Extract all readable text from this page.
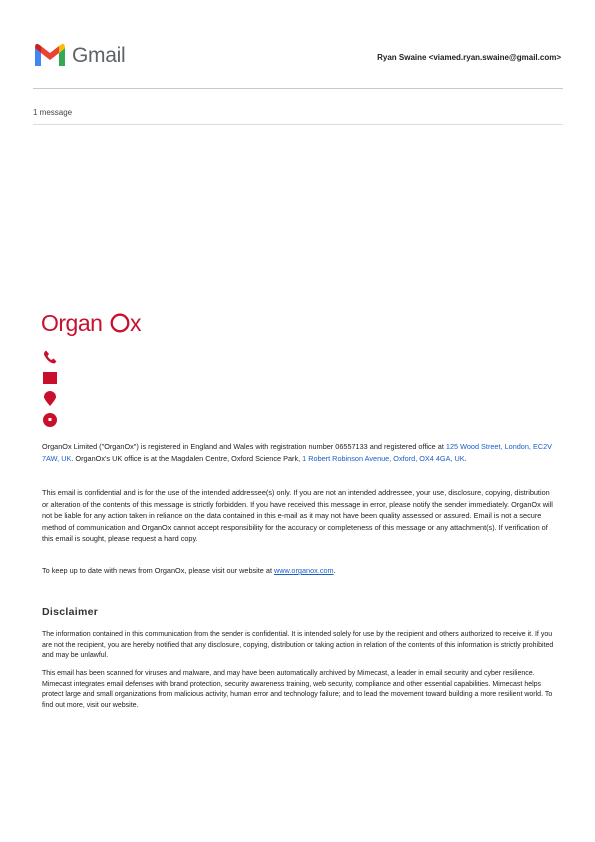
Gmail	Ryan Swaine <viamed.ryan.swaine@gmail.com>
1 message
Organ x
OrganOx Limited ("OrganOx") is registered in England and Wales with registration number 06557133 and registered office at 125 Wood Street, London, EC2V 7AW, UK. OrganOx's UK office is at the Magdalen Centre, Oxford Science Park, 1 Robert Robinson Avenue, Oxford, OX4 4GA, UK.
This email is confidential and is for the use of the intended addressee(s) only. If you are not an intended addressee, your use, disclosure, copying, distribution or alteration of the contents of this message is strictly forbidden. If you have received this message in error, please notify the sender immediately. OrganOx will not be liable for any action taken in reliance on the data contained in this e-mail as it may not have been quality assessed or assured. Email is not a secure method of communication and OrganOx cannot accept responsibility for the accuracy or completeness of this message or any attachment(s). If verification of this email is sought, please request a hard copy.
To keep up to date with news from OrganOx, please visit our website at www.organox.com.
Disclaimer
The information contained in this communication from the sender is confidential. It is intended solely for use by the recipient and others authorized to receive it. If you are not the recipient, you are hereby notified that any disclosure, copying, distribution or taking action in relation of the contents of this information is strictly prohibited and may be unlawful.
This email has been scanned for viruses and malware, and may have been automatically archived by Mimecast, a leader in email security and cyber resilience. Mimecast integrates email defenses with brand protection, security awareness training, web security, compliance and other essential capabilities. Mimecast helps protect large and small organizations from malicious activity, human error and technology failure; and to lead the movement toward building a more resilient world. To find out more, visit our website.
